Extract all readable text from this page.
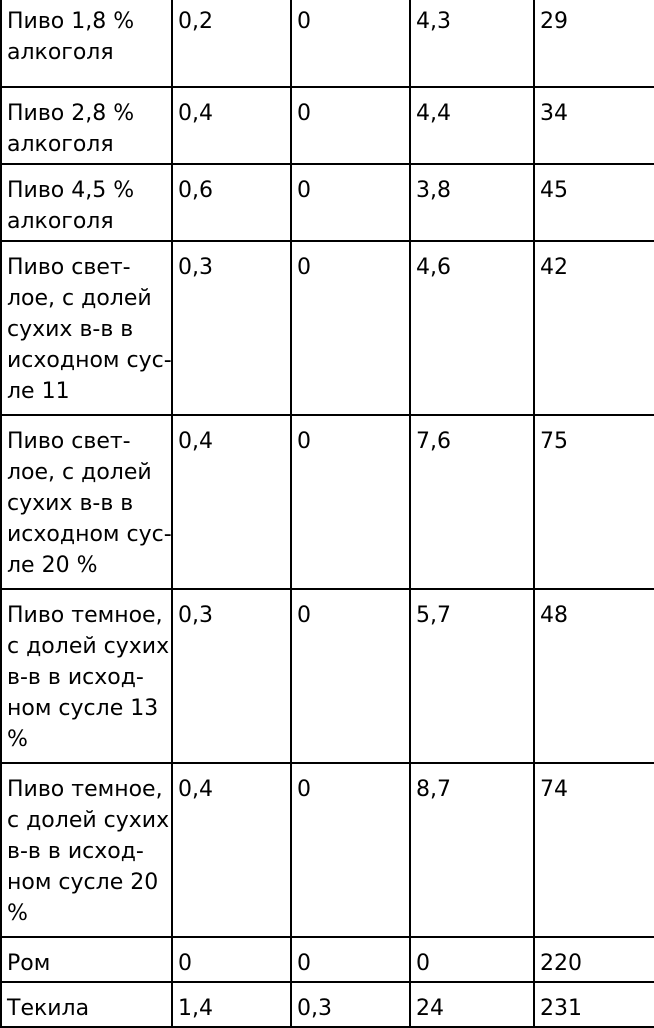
Пиво 1,8 %
алкоголя	0,2	0	4,3	29

Пиво 2,8 %
алкоголя	0,4	0	4,4	34

Пиво 4,5 %
алкоголя	0,6	0	3,8	45

Пиво свет-
лое, с долей
сухих в-в в
исходном сус-
ле 11	0,3	0	4,6	42

Пиво свет-
лое, с долей
сухих в-в в
исходном сус-
ле 20 %	0,4	0	7,6	75

Пиво темное,
с долей сухих
в-в в исход-
ном сусле 13
%	0,3	0	5,7	48

Пиво темное,
с долей сухих
в-в в исход-
ном сусле 20
%	0,4	0	8,7	74

Ром	0	0	0	220

Текила	1,4	0,3	24	231
